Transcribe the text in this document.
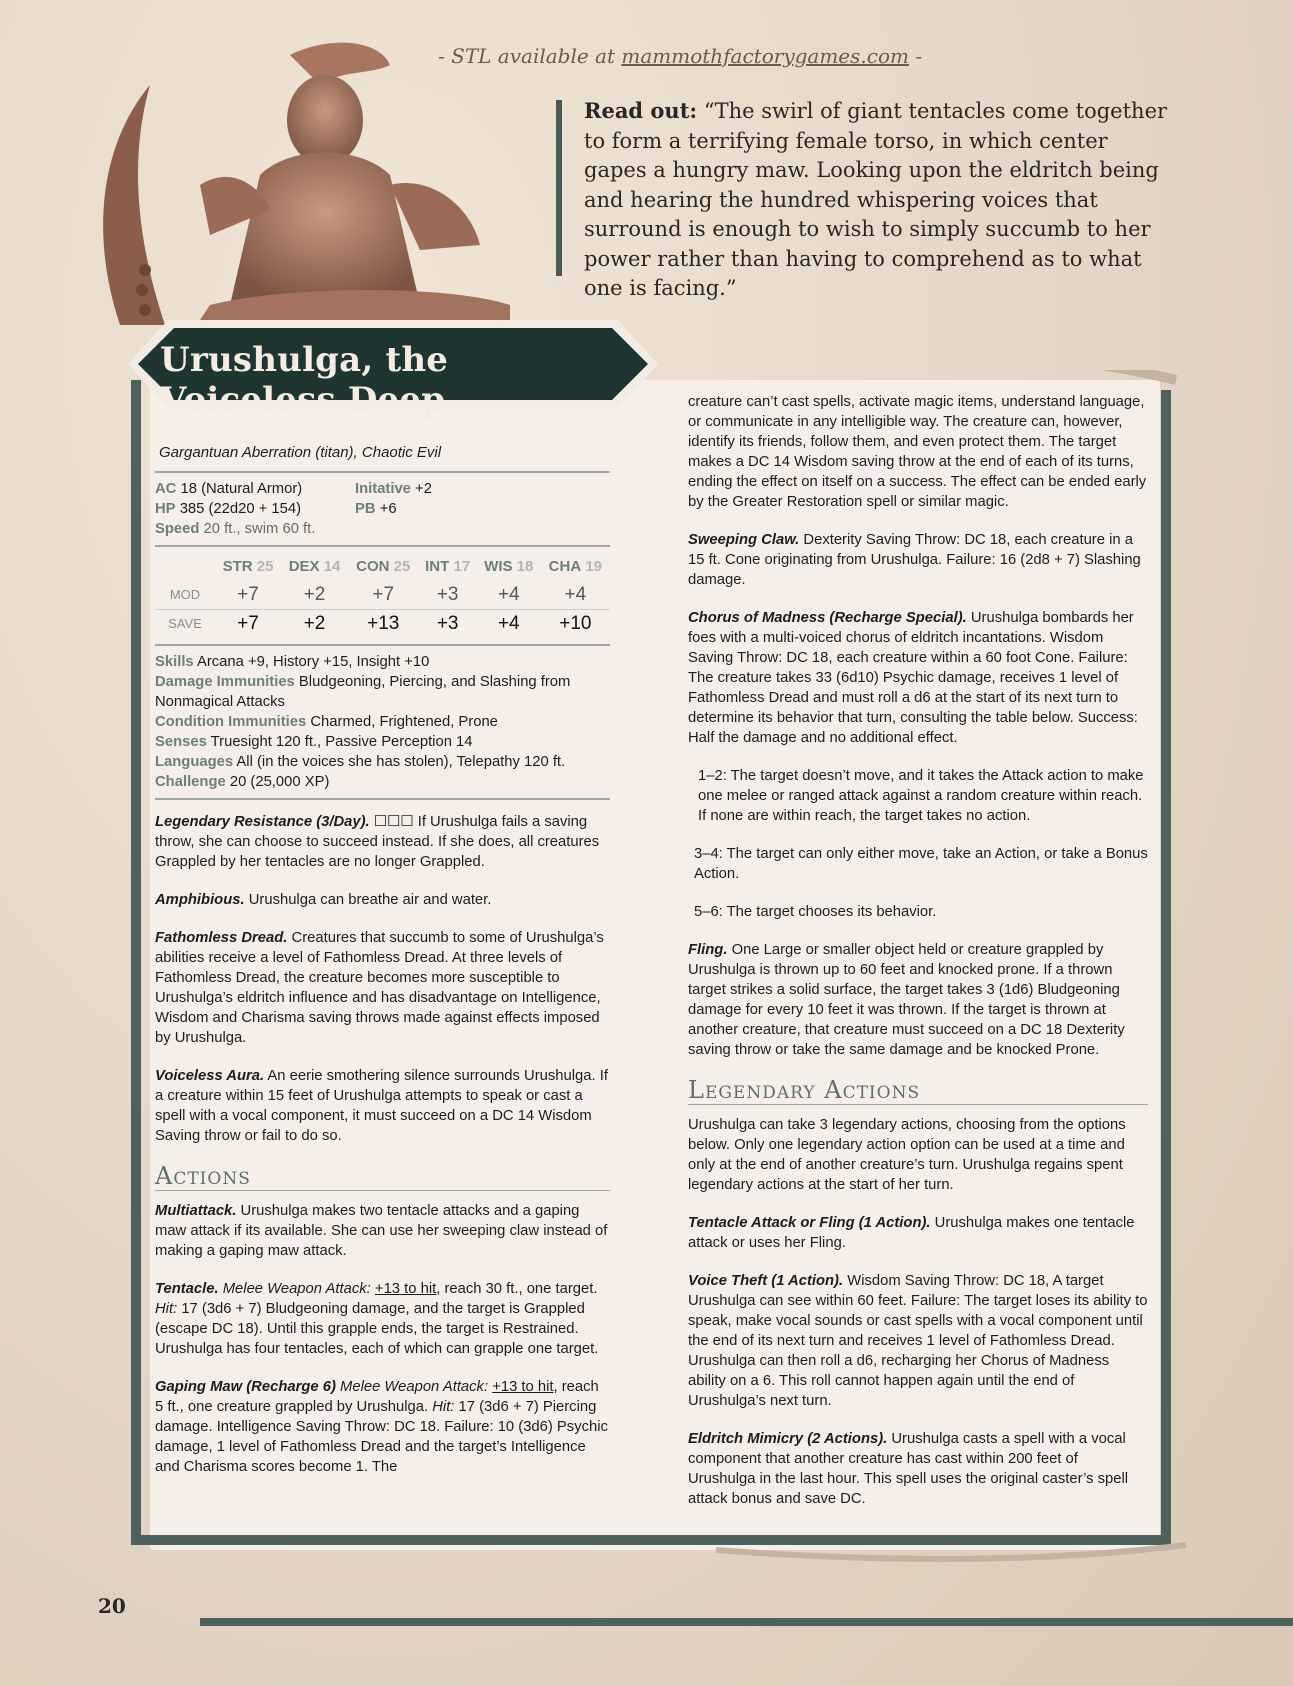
- STL available at mammothfactorygames.com -
Read out: “The swirl of giant tentacles come together to form a terrifying female torso, in which center gapes a hungry maw. Looking upon the eldritch being and hearing the hundred whispering voices that surround is enough to wish to simply succumb to her power rather than having to comprehend as to what one is facing.”
Urushulga, the Voiceless Deep
Gargantuan Aberration (titan), Chaotic Evil
AC 18 (Natural Armor)	Initative +2
HP 385 (22d20 + 154)	PB +6
Speed 20 ft., swim 60 ft.
	STR 25	DEX 14	CON 25	INT 17	WIS 18	CHA 19
MOD	+7	+2	+7	+3	+4	+4
SAVE	+7	+2	+13	+3	+4	+10
Skills Arcana +9, History +15, Insight +10
Damage Immunities Bludgeoning, Piercing, and Slashing from Nonmagical Attacks
Condition Immunities Charmed, Frightened, Prone
Senses Truesight 120 ft., Passive Perception 14
Languages All (in the voices she has stolen), Telepathy 120 ft.
Challenge 20 (25,000 XP)

Legendary Resistance (3/Day). ☐☐☐ If Urushulga fails a saving throw, she can choose to succeed instead. If she does, all creatures Grappled by her tentacles are no longer Grappled.

Amphibious. Urushulga can breathe air and water.

Fathomless Dread. Creatures that succumb to some of Urushulga’s abilities receive a level of Fathomless Dread. At three levels of Fathomless Dread, the creature becomes more susceptible to Urushulga’s eldritch influence and has disadvantage on Intelligence, Wisdom and Charisma saving throws made against effects imposed by Urushulga.

Voiceless Aura. An eerie smothering silence surrounds Urushulga. If a creature within 15 feet of Urushulga attempts to speak or cast a spell with a vocal component, it must succeed on a DC 14 Wisdom Saving throw or fail to do so.

Actions

Multiattack. Urushulga makes two tentacle attacks and a gaping maw attack if its available. She can use her sweeping claw instead of making a gaping maw attack.

Tentacle. Melee Weapon Attack: +13 to hit, reach 30 ft., one target. Hit: 17 (3d6 + 7) Bludgeoning damage, and the target is Grappled (escape DC 18). Until this grapple ends, the target is Restrained. Urushulga has four tentacles, each of which can grapple one target.

Gaping Maw (Recharge 6) Melee Weapon Attack: +13 to hit, reach 5 ft., one creature grappled by Urushulga. Hit: 17 (3d6 + 7) Piercing damage. Intelligence Saving Throw: DC 18. Failure: 10 (3d6) Psychic damage, 1 level of Fathomless Dread and the target’s Intelligence and Charisma scores become 1. The

creature can’t cast spells, activate magic items, understand language, or communicate in any intelligible way. The creature can, however, identify its friends, follow them, and even protect them. The target makes a DC 14 Wisdom saving throw at the end of each of its turns, ending the effect on itself on a success. The effect can be ended early by the Greater Restoration spell or similar magic.

Sweeping Claw. Dexterity Saving Throw: DC 18, each creature in a 15 ft. Cone originating from Urushulga. Failure: 16 (2d8 + 7) Slashing damage.

Chorus of Madness (Recharge Special). Urushulga bombards her foes with a multi-voiced chorus of eldritch incantations. Wisdom Saving Throw: DC 18, each creature within a 60 foot Cone. Failure: The creature takes 33 (6d10) Psychic damage, receives 1 level of Fathomless Dread and must roll a d6 at the start of its next turn to determine its behavior that turn, consulting the table below. Success: Half the damage and no additional effect.

1–2: The target doesn’t move, and it takes the Attack action to make one melee or ranged attack against a random creature within reach. If none are within reach, the target takes no action.

3–4: The target can only either move, take an Action, or take a Bonus Action.

5–6: The target chooses its behavior.

Fling. One Large or smaller object held or creature grappled by Urushulga is thrown up to 60 feet and knocked prone. If a thrown target strikes a solid surface, the target takes 3 (1d6) Bludgeoning damage for every 10 feet it was thrown. If the target is thrown at another creature, that creature must succeed on a DC 18 Dexterity saving throw or take the same damage and be knocked Prone.

Legendary Actions

Urushulga can take 3 legendary actions, choosing from the options below. Only one legendary action option can be used at a time and only at the end of another creature’s turn. Urushulga regains spent legendary actions at the start of her turn.

Tentacle Attack or Fling (1 Action). Urushulga makes one tentacle attack or uses her Fling.

Voice Theft (1 Action). Wisdom Saving Throw: DC 18, A target Urushulga can see within 60 feet. Failure: The target loses its ability to speak, make vocal sounds or cast spells with a vocal component until the end of its next turn and receives 1 level of Fathomless Dread. Urushulga can then roll a d6, recharging her Chorus of Madness ability on a 6. This roll cannot happen again until the end of Urushulga’s next turn.

Eldritch Mimicry (2 Actions). Urushulga casts a spell with a vocal component that another creature has cast within 200 feet of Urushulga in the last hour. This spell uses the original caster’s spell attack bonus and save DC.

20
